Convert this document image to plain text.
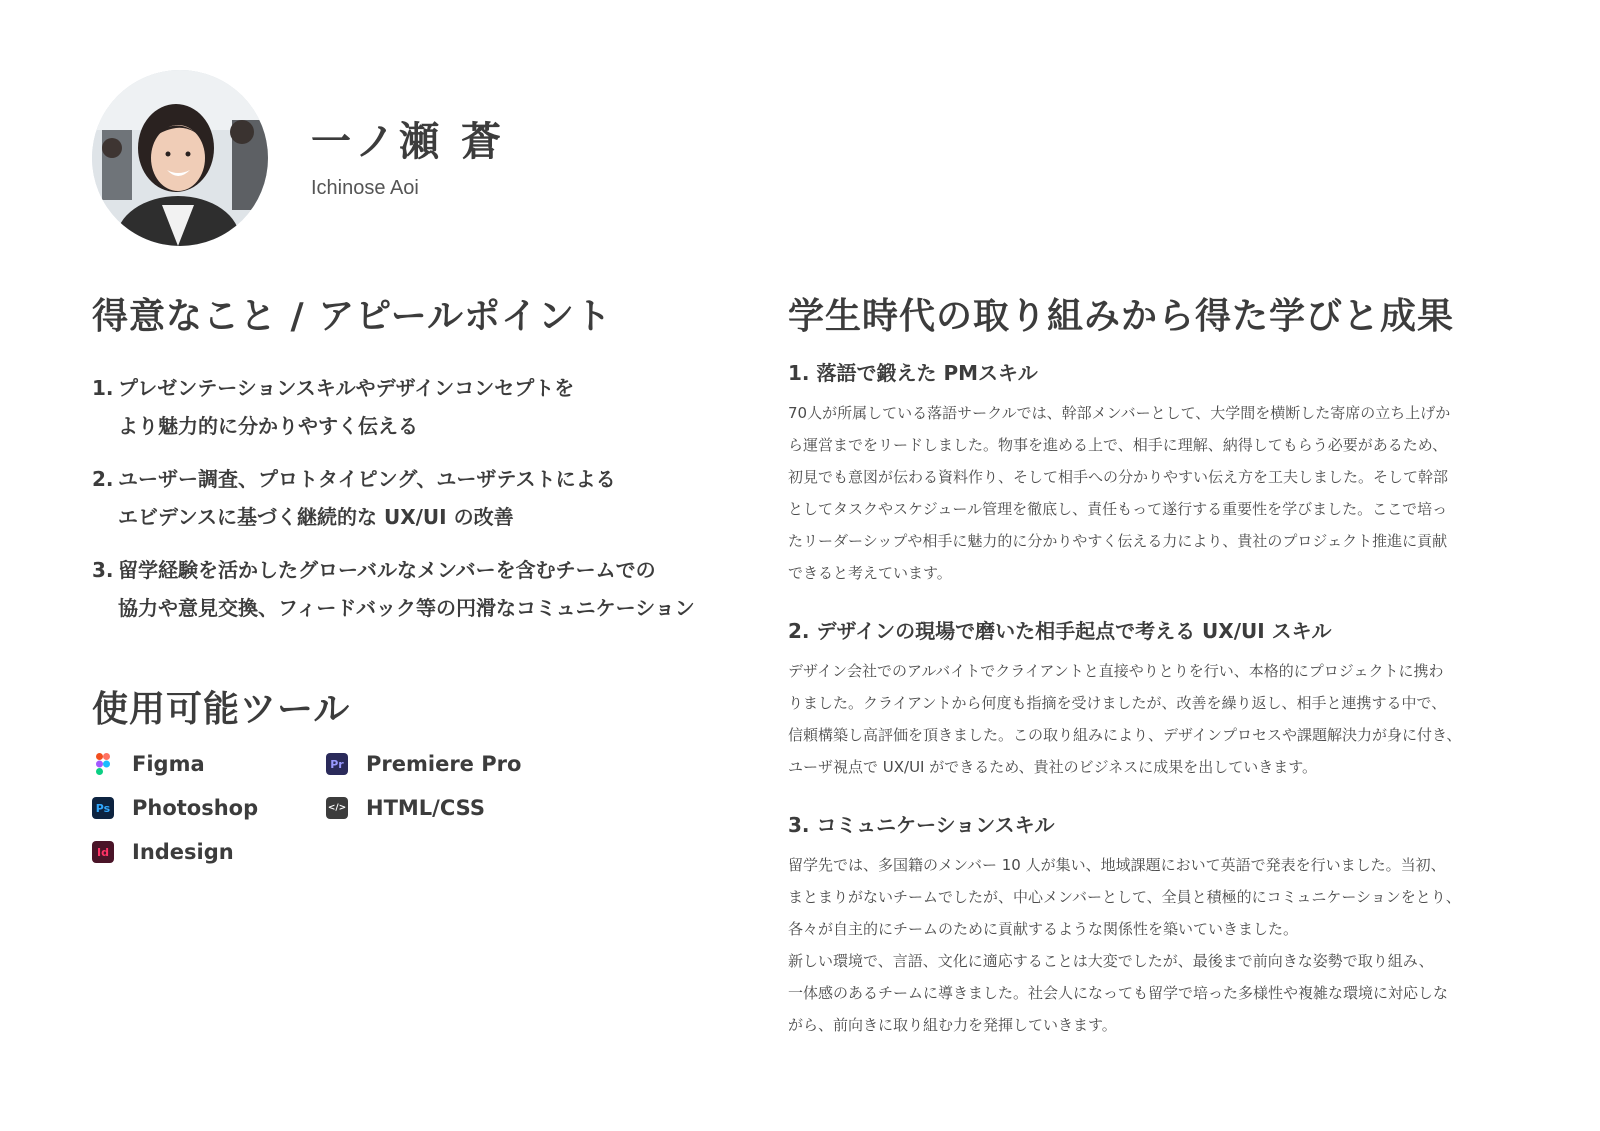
一ノ瀬 蒼
Ichinose Aoi
得意なこと / アピールポイント
1. プレゼンテーションスキルやデザインコンセプトを
より魅力的に分かりやすく伝える
2. ユーザー調査、プロトタイピング、ユーザテストによる
エビデンスに基づく継続的な UX/UI の改善
3. 留学経験を活かしたグローバルなメンバーを含むチームでの
協力や意見交換、フィードバック等の円滑なコミュニケーション
使用可能ツール
Figma	Pr Premiere Pro
Ps Photoshop	</> HTML/CSS
Id Indesign
学生時代の取り組みから得た学びと成果
1. 落語で鍛えた PMスキル
70人が所属している落語サークルでは、幹部メンバーとして、大学間を横断した寄席の立ち上げか
ら運営までをリードしました。物事を進める上で、相手に理解、納得してもらう必要があるため、
初見でも意図が伝わる資料作り、そして相手への分かりやすい伝え方を工夫しました。そして幹部
としてタスクやスケジュール管理を徹底し、責任もって遂行する重要性を学びました。ここで培っ
たリーダーシップや相手に魅力的に分かりやすく伝える力により、貴社のプロジェクト推進に貢献
できると考えています。
2. デザインの現場で磨いた相手起点で考える UX/UI スキル
デザイン会社でのアルバイトでクライアントと直接やりとりを行い、本格的にプロジェクトに携わ
りました。クライアントから何度も指摘を受けましたが、改善を繰り返し、相手と連携する中で、
信頼構築し高評価を頂きました。この取り組みにより、デザインプロセスや課題解決力が身に付き、
ユーザ視点で UX/UI ができるため、貴社のビジネスに成果を出していきます。
3. コミュニケーションスキル
留学先では、多国籍のメンバー 10 人が集い、地域課題において英語で発表を行いました。当初、
まとまりがないチームでしたが、中心メンバーとして、全員と積極的にコミュニケーションをとり、
各々が自主的にチームのために貢献するような関係性を築いていきました。
新しい環境で、言語、文化に適応することは大変でしたが、最後まで前向きな姿勢で取り組み、
一体感のあるチームに導きました。社会人になっても留学で培った多様性や複雑な環境に対応しな
がら、前向きに取り組む力を発揮していきます。
